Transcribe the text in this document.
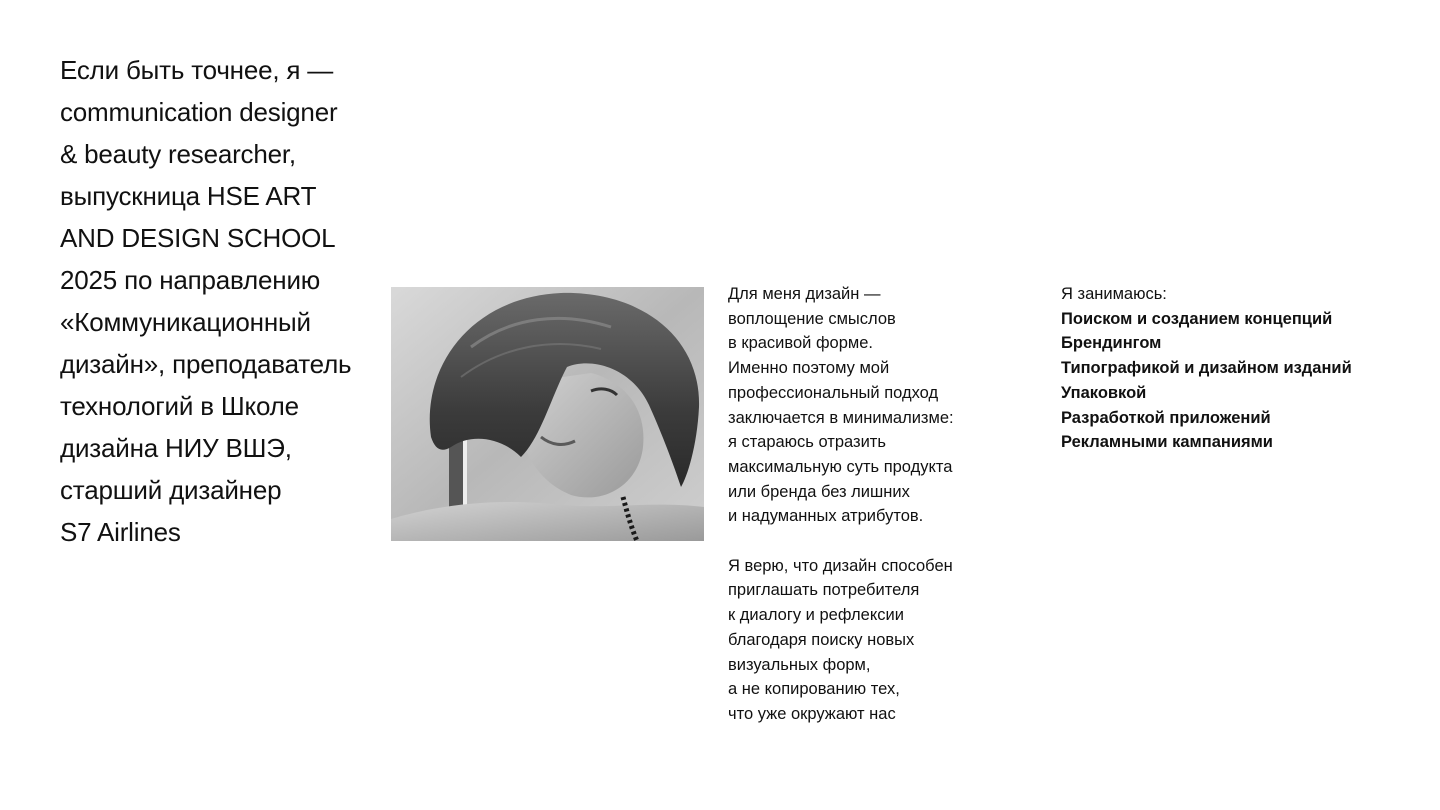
Если быть точнее, я —
communication designer
& beauty researcher,
выпускница HSE ART
AND DESIGN SCHOOL
2025 по направлению
«Коммуникационный
дизайн», преподаватель
технологий в Школе
дизайна НИУ ВШЭ,
старший дизайнер
S7 Airlines

Для меня дизайн —
воплощение смыслов
в красивой форме.
Именно поэтому мой
профессиональный подход
заключается в минимализме:
я стараюсь отразить
максимальную суть продукта
или бренда без лишних
и надуманных атрибутов.

Я верю, что дизайн способен
приглашать потребителя
к диалогу и рефлексии
благодаря поиску новых
визуальных форм,
а не копированию тех,
что уже окружают нас

Я занимаюсь:
Поиском и созданием концепций
Брендингом
Типографикой и дизайном изданий
Упаковкой
Разработкой приложений
Рекламными кампаниями
